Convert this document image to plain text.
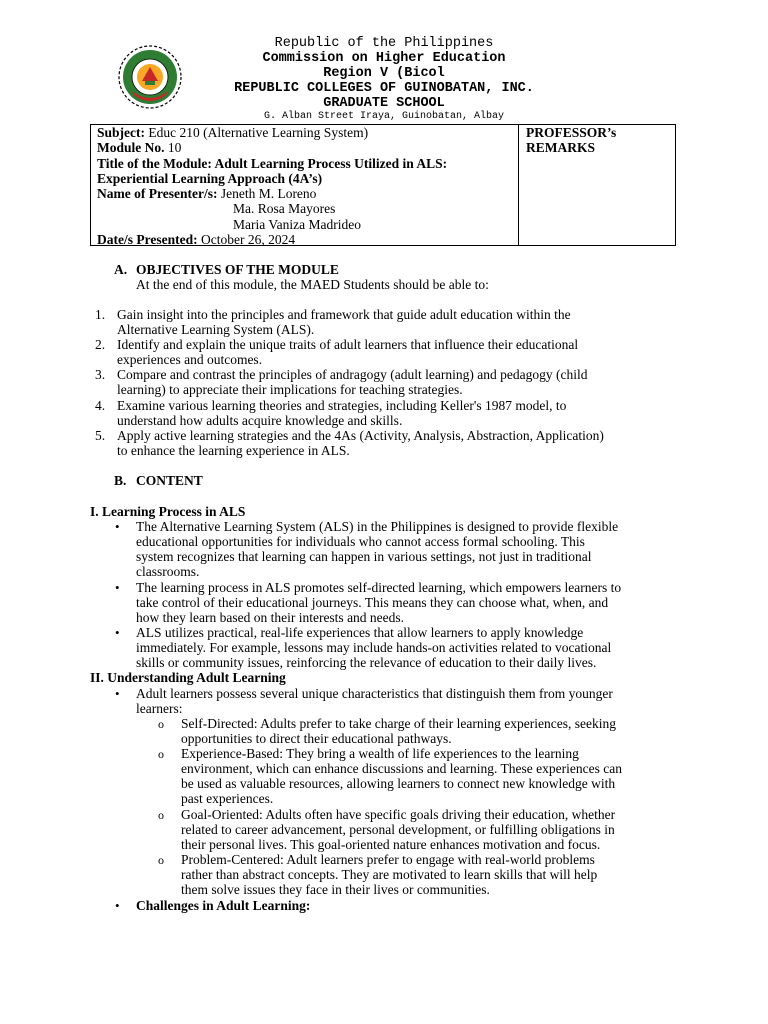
Republic of the Philippines
Commission on Higher Education
Region V (Bicol
REPUBLIC COLLEGES OF GUINOBATAN, INC.
GRADUATE SCHOOL
G. Alban Street Iraya, Guinobatan, Albay
Subject: Educ 210 (Alternative Learning System)
Module No. 10
Title of the Module: Adult Learning Process Utilized in ALS:
Experiential Learning Approach (4A’s)
Name of Presenter/s: Jeneth M. Loreno
Ma. Rosa Mayores
Maria Vaniza Madrideo
Date/s Presented: October 26, 2024
PROFESSOR’s
REMARKS
A. OBJECTIVES OF THE MODULE
At the end of this module, the MAED Students should be able to:
1. Gain insight into the principles and framework that guide adult education within the
Alternative Learning System (ALS).
2. Identify and explain the unique traits of adult learners that influence their educational
experiences and outcomes.
3. Compare and contrast the principles of andragogy (adult learning) and pedagogy (child
learning) to appreciate their implications for teaching strategies.
4. Examine various learning theories and strategies, including Keller's 1987 model, to
understand how adults acquire knowledge and skills.
5. Apply active learning strategies and the 4As (Activity, Analysis, Abstraction, Application)
to enhance the learning experience in ALS.
B. CONTENT
I. Learning Process in ALS
• The Alternative Learning System (ALS) in the Philippines is designed to provide flexible
educational opportunities for individuals who cannot access formal schooling. This
system recognizes that learning can happen in various settings, not just in traditional
classrooms.
• The learning process in ALS promotes self-directed learning, which empowers learners to
take control of their educational journeys. This means they can choose what, when, and
how they learn based on their interests and needs.
• ALS utilizes practical, real-life experiences that allow learners to apply knowledge
immediately. For example, lessons may include hands-on activities related to vocational
skills or community issues, reinforcing the relevance of education to their daily lives.
II. Understanding Adult Learning
• Adult learners possess several unique characteristics that distinguish them from younger
learners:
o Self-Directed: Adults prefer to take charge of their learning experiences, seeking
opportunities to direct their educational pathways.
o Experience-Based: They bring a wealth of life experiences to the learning
environment, which can enhance discussions and learning. These experiences can
be used as valuable resources, allowing learners to connect new knowledge with
past experiences.
o Goal-Oriented: Adults often have specific goals driving their education, whether
related to career advancement, personal development, or fulfilling obligations in
their personal lives. This goal-oriented nature enhances motivation and focus.
o Problem-Centered: Adult learners prefer to engage with real-world problems
rather than abstract concepts. They are motivated to learn skills that will help
them solve issues they face in their lives or communities.
• Challenges in Adult Learning:
